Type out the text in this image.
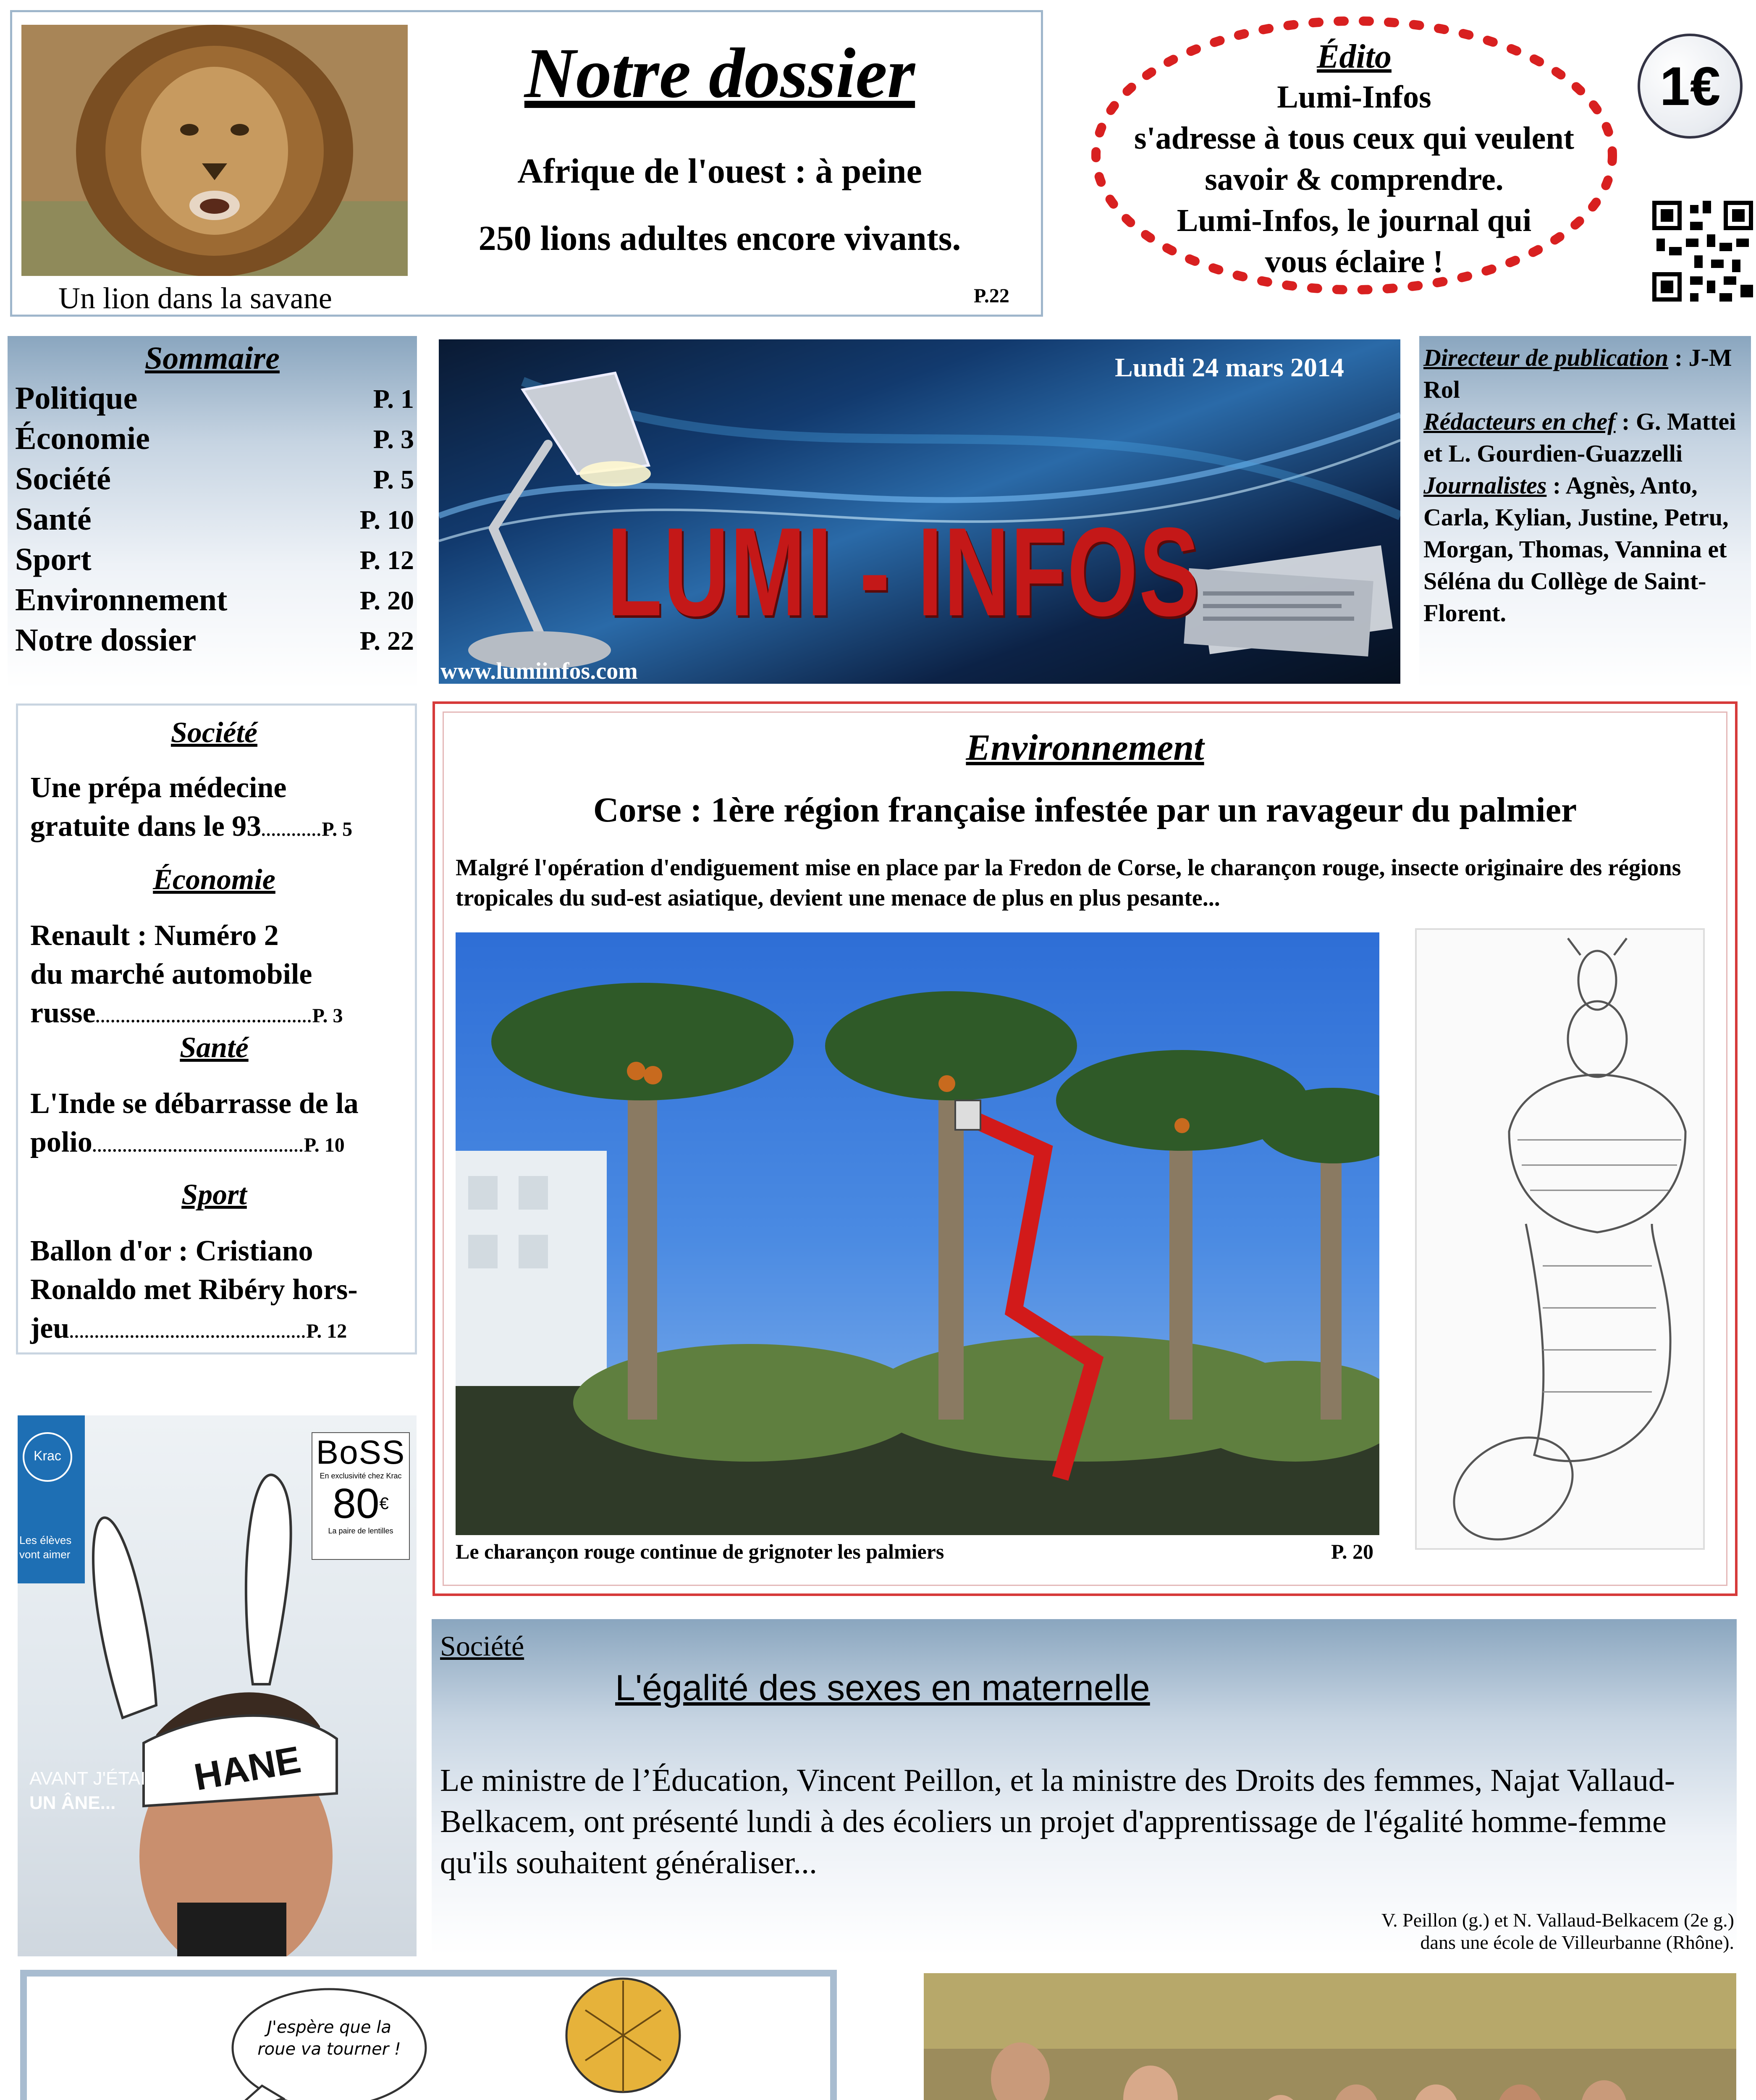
Un lion dans la savane
Notre dossier
Afrique de l'ouest : à peine
250 lions adultes encore vivants.
P.22
Édito
Lumi-Infos
s'adresse à tous ceux qui veulent
savoir & comprendre.
Lumi-Infos, le journal qui
vous éclaire !
1€
Sommaire
Politique	P. 1
Économie	P. 3
Société	P. 5
Santé	P. 10
Sport	P. 12
Environnement	P. 20
Notre dossier	P. 22
Lundi 24 mars 2014
LUMI - INFOS
www.lumiinfos.com
Directeur de publication : J-M Rol
Rédacteurs en chef : G. Mattei et L. Gourdien-Guazzelli
Journalistes : Agnès, Anto, Carla, Kylian, Justine, Petru, Morgan, Thomas, Vannina et Séléna du Collège de Saint-Florent.
Société
Une prépa médecine
gratuite dans le 93............P. 5
Économie
Renault : Numéro 2
du marché automobile
russe...........................................P. 3
Santé
L'Inde se débarrasse de la
polio..........................................P. 10
Sport
Ballon d'or : Cristiano
Ronaldo met Ribéry hors-
jeu...............................................P. 12
Krac
Les élèves vont aimer
BoSS
En exclusivité chez Krac
80€
La paire de lentilles
HANE
AVANT J'ÉTAIS
UN ÂNE...
Environnement
Corse : 1ère région française infestée par un ravageur du palmier
Malgré l'opération d'endiguement mise en place par la Fredon de Corse, le charançon rouge, insecte originaire des régions tropicales du sud-est asiatique, devient une menace de plus en plus pesante...
Le charançon rouge continue de grignoter les palmiers	P. 20
Société
L'égalité des sexes en maternelle
Le ministre de l’Éducation, Vincent Peillon, et la ministre des Droits des femmes, Najat Vallaud-Belkacem, ont présenté lundi à des écoliers un projet d'apprentissage de l'égalité homme-femme qu'ils souhaitent généraliser...
V. Peillon (g.) et N. Vallaud-Belkacem (2e g.)
dans une école de Villeurbanne (Rhône).
J'espère que la roue va tourner !
